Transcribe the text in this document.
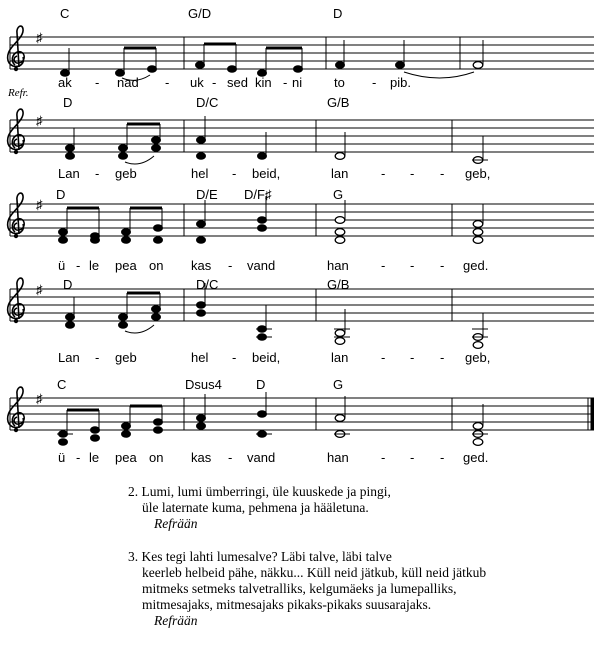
♯
♯
♯
♯
♯
C	G/D	D
D	D/C	G/B
D	D/E D/F♯	G
D	D/C	G/B
C	Dsus4	D	G
Refr.
ak - nad - uk - sed kin - ni to - pib.
Lan - geb	hel - beid,	lan	- - - geb,
ü - le pea on kas - vand	han - - - ged.
Lan - geb	hel - beid,	lan	- - - geb,
ü - le pea on kas - vand	han - - - ged.
2. Lumi, lumi ümberringi, üle kuuskede ja pingi,
üle laternate kuma, pehmena ja hääletuna.
Refrään
3. Kes tegi lahti lumesalve? Läbi talve, läbi talve
keerleb helbeid pähe, näkku... Küll neid jätkub, küll neid jätkub
mitmeks setmeks talvetralliks, kelgumäeks ja lumepalliks,
mitmesajaks, mitmesajaks pikaks-pikaks suusarajaks.
Refrään
